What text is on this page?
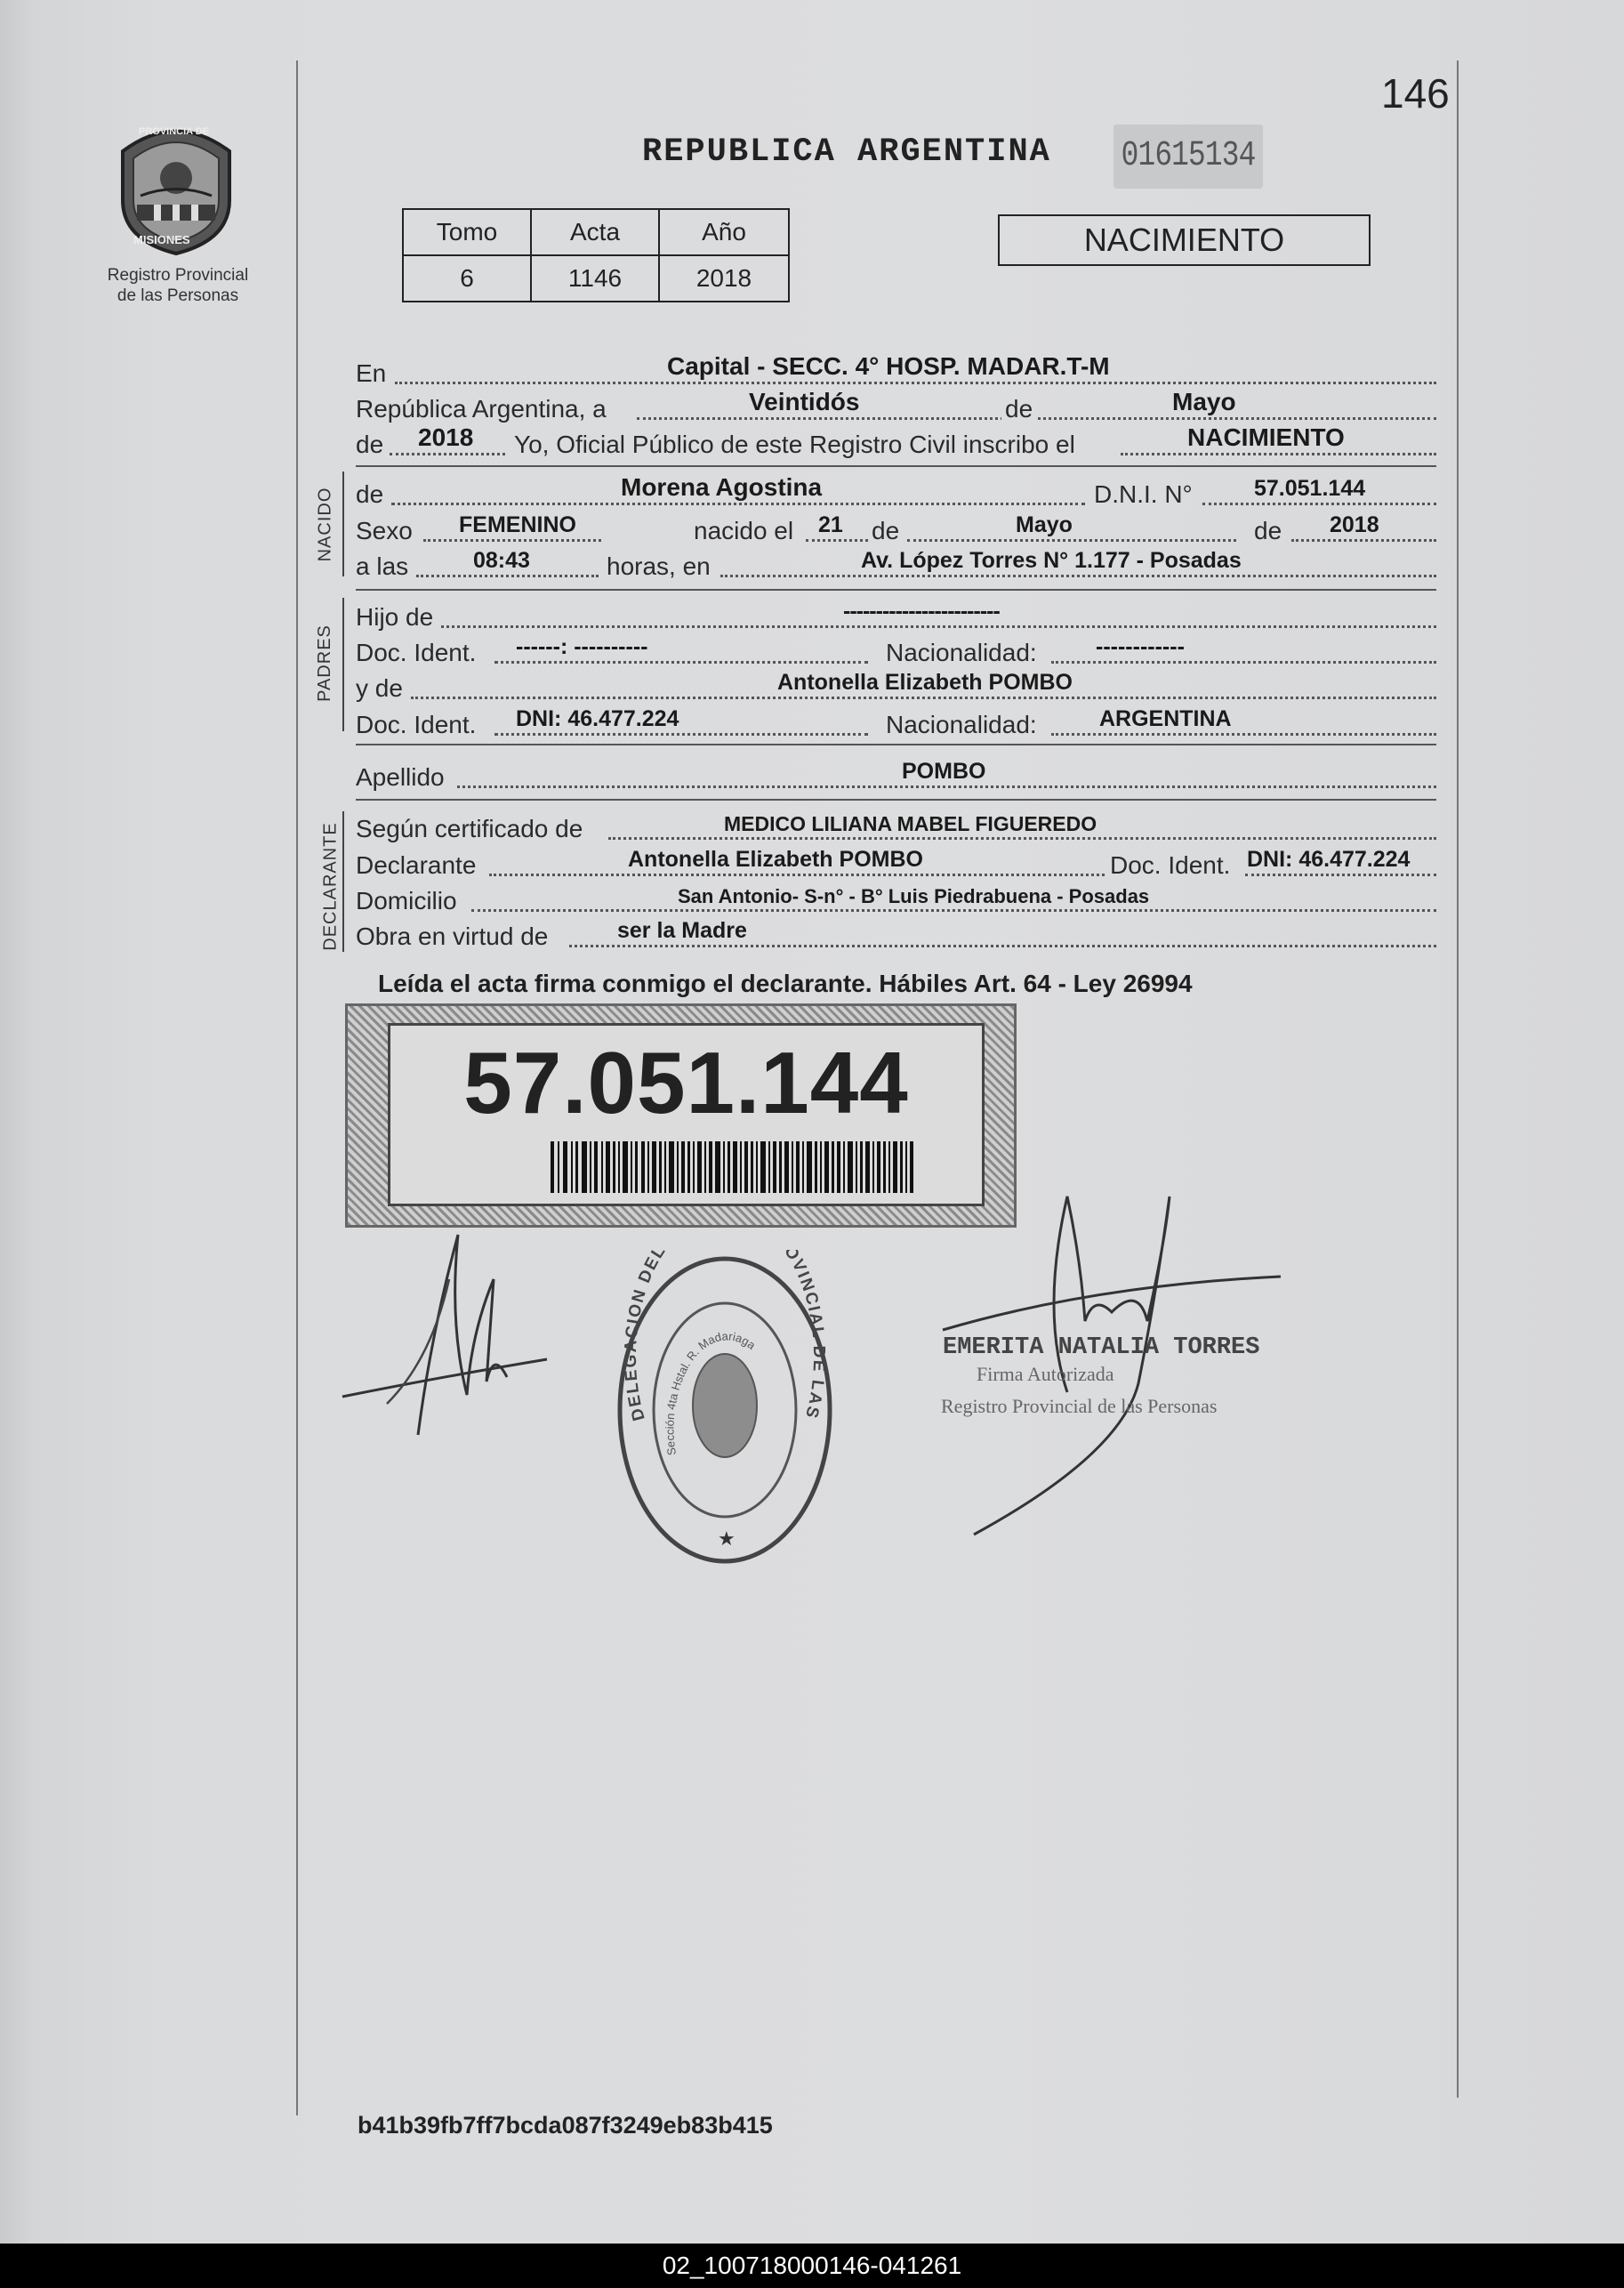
146
Registro Provincial
de las Personas
PROVINCIA DE
MISIONES
REPUBLICA ARGENTINA 01615134
Tomo	Acta	Año
6	1146	2018
NACIMIENTO
En	Capital - SECC. 4° HOSP. MADAR.T-M
República Argentina, a	Veintidós	de	Mayo
de 2018 Yo, Oficial Público de este Registro Civil inscribo el	NACIMIENTO
NACIDO de	Morena Agostina	D.N.I. N°	57.051.144
Sexo FEMENINO	nacido el 21 de	Mayo	de 2018
a las	08:43	horas, en	Av. López Torres N° 1.177 - Posadas
PADRES
Hijo de	------------------------
Doc. Ident. ------: ----------	Nacionalidad:	------------
y de	Antonella Elizabeth POMBO
Doc. Ident. DNI: 46.477.224	Nacionalidad:	ARGENTINA
Apellido	POMBO
DECLARANTE Según certificado de	MEDICO LILIANA MABEL FIGUEREDO
Declarante	Antonella Elizabeth POMBO	Doc. Ident. DNI: 46.477.224
Domicilio	San Antonio- S-n° - B° Luis Piedrabuena - Posadas
Obra en virtud de	ser la Madre
Leída el acta firma conmigo el declarante. Hábiles Art. 64 - Ley 26994
57.051.144
DELEGACION DEL OVINCIAL DE LAS
Sección 4ta Hstal. R. Madariaga
★
EMERITA NATALIA TORRES
Firma Autorizada
Registro Provincial de las Personas
b41b39fb7ff7bcda087f3249eb83b415
02_100718000146-041261
